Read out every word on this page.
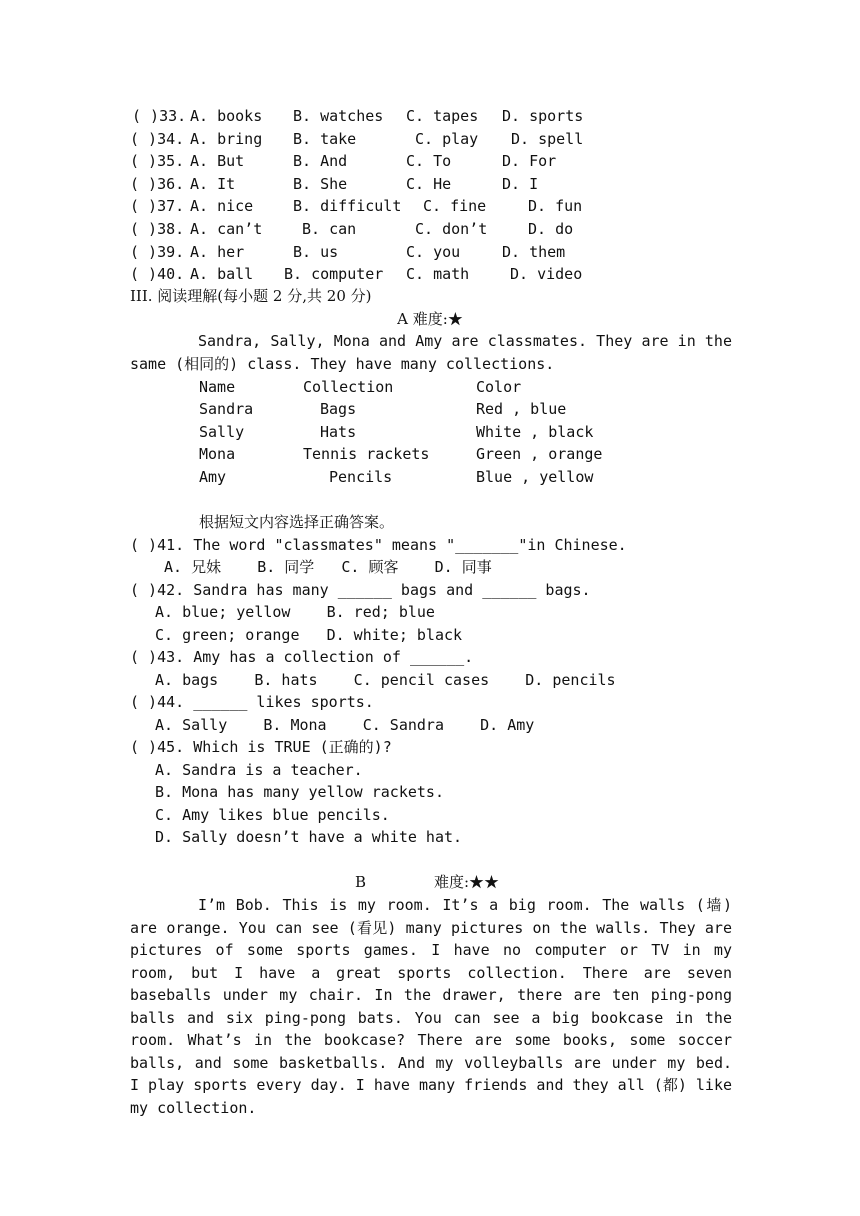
( )33. A. books B. watches C. tapes D. sports
( )34. A. bring B. take	C. play D. spell
( )35. A. But	B. And	C. To	D. For
( )36. A. It	B. She	C. He	D. I
( )37. A. nice	B. difficult C. fine	D. fun
( )38. A. can’t	B. can	C. don’t	D. do
( )39. A. her	B. us	C. you	D. them
( )40. A. ball B. computer C. math	D. video
III. 阅读理解(每小题 2 分,共 20 分)
A 难度:★

Sandra, Sally, Mona and Amy are classmates. They are in the same (相同的) class. They have many collections.

Name	Collection	Color
Sandra	Bags	Red , blue
Sally	Hats	White , black
Mona	Tennis rackets	Green , orange
Amy	Pencils	Blue , yellow
根据短文内容选择正确答案。
( )41. The word "classmates" means "_______"in Chinese.
A. 兄妹    B. 同学   C. 顾客    D. 同事
( )42. Sandra has many ______ bags and ______ bags.
A. blue; yellow    B. red; blue
C. green; orange   D. white; black
( )43. Amy has a collection of ______.
A. bags    B. hats    C. pencil cases    D. pencils
( )44. ______ likes sports.
A. Sally    B. Mona    C. Sandra    D. Amy
( )45. Which is TRUE (正确的)?
A. Sandra is a teacher.
B. Mona has many yellow rackets.
C. Amy likes blue pencils.
D. Sally doesn’t have a white hat.
B	难度:★★

I’m Bob. This is my room. It’s a big room. The walls (墙) are orange. You can see (看见) many pictures on the walls. They are pictures of some sports games. I have no computer or TV in my room, but I have a great sports collection. There are seven baseballs under my chair. In the drawer, there are ten ping-pong balls and six ping-pong bats. You can see a big bookcase in the room. What’s in the bookcase? There are some books, some soccer balls, and some basketballs. And my volleyballs are under my bed. I play sports every day. I have many friends and they all (都) like my collection.
